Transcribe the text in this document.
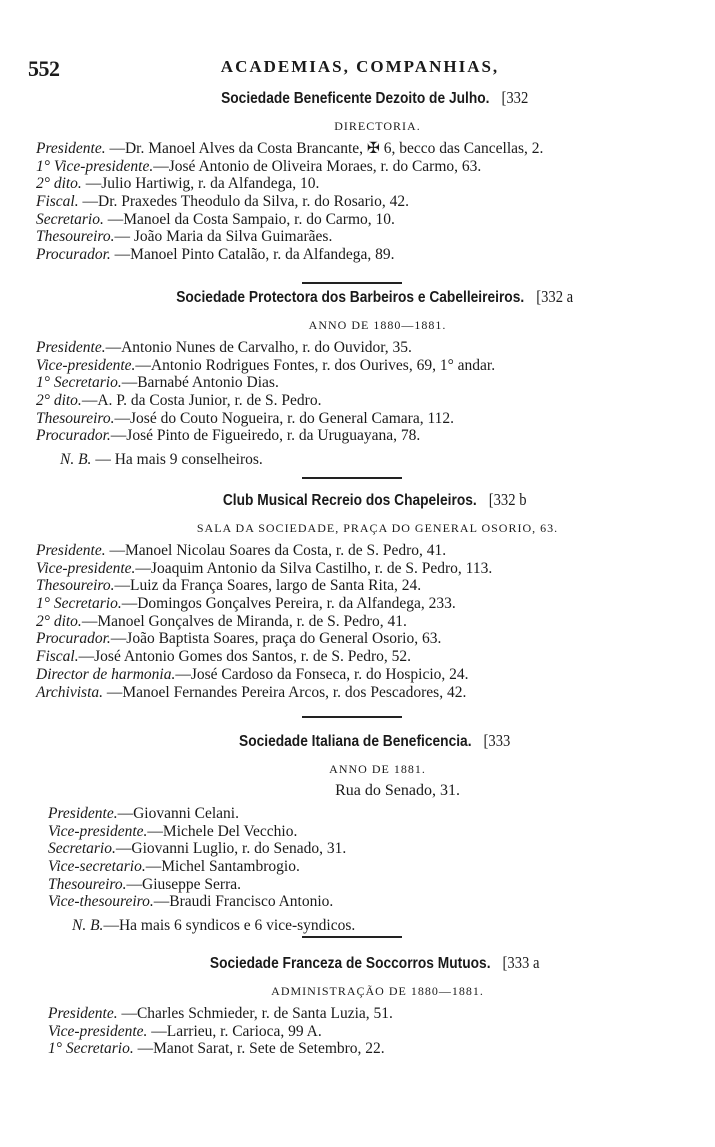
552	ACADEMIAS, COMPANHIAS,
Sociedade Beneficente Dezoito de Julho. [332
DIRECTORIA.
Presidente. —Dr. Manoel Alves da Costa Brancante, ✠ 6, becco das Cancellas, 2.
1° Vice-presidente.—José Antonio de Oliveira Moraes, r. do Carmo, 63.
2° dito. —Julio Hartiwig, r. da Alfandega, 10.
Fiscal. —Dr. Praxedes Theodulo da Silva, r. do Rosario, 42.
Secretario. —Manoel da Costa Sampaio, r. do Carmo, 10.
Thesoureiro.— João Maria da Silva Guimarães.
Procurador. —Manoel Pinto Catalão, r. da Alfandega, 89.
Sociedade Protectora dos Barbeiros e Cabelleireiros. [332 a
ANNO DE 1880—1881.
Presidente.—Antonio Nunes de Carvalho, r. do Ouvidor, 35.
Vice-presidente.—Antonio Rodrigues Fontes, r. dos Ourives, 69, 1° andar.
1° Secretario.—Barnabé Antonio Dias.
2° dito.—A. P. da Costa Junior, r. de S. Pedro.
Thesoureiro.—José do Couto Nogueira, r. do General Camara, 112.
Procurador.—José Pinto de Figueiredo, r. da Uruguayana, 78.
N. B. — Ha mais 9 conselheiros.
Club Musical Recreio dos Chapeleiros. [332 b
SALA DA SOCIEDADE, PRAÇA DO GENERAL OSORIO, 63.
Presidente. —Manoel Nicolau Soares da Costa, r. de S. Pedro, 41.
Vice-presidente.—Joaquim Antonio da Silva Castilho, r. de S. Pedro, 113.
Thesoureiro.—Luiz da França Soares, largo de Santa Rita, 24.
1° Secretario.—Domingos Gonçalves Pereira, r. da Alfandega, 233.
2° dito.—Manoel Gonçalves de Miranda, r. de S. Pedro, 41.
Procurador.—João Baptista Soares, praça do General Osorio, 63.
Fiscal.—José Antonio Gomes dos Santos, r. de S. Pedro, 52.
Director de harmonia.—José Cardoso da Fonseca, r. do Hospicio, 24.
Archivista. —Manoel Fernandes Pereira Arcos, r. dos Pescadores, 42.
Sociedade Italiana de Beneficencia. [333
ANNO DE 1881.
Rua do Senado, 31.
Presidente.—Giovanni Celani.
Vice-presidente.—Michele Del Vecchio.
Secretario.—Giovanni Luglio, r. do Senado, 31.
Vice-secretario.—Michel Santambrogio.
Thesoureiro.—Giuseppe Serra.
Vice-thesoureiro.—Braudi Francisco Antonio.
N. B.—Ha mais 6 syndicos e 6 vice-syndicos.
Sociedade Franceza de Soccorros Mutuos. [333 a
ADMINISTRAÇÃO DE 1880—1881.
Presidente. —Charles Schmieder, r. de Santa Luzia, 51.
Vice-presidente. —Larrieu, r. Carioca, 99 A.
1° Secretario. —Manot Sarat, r. Sete de Setembro, 22.
